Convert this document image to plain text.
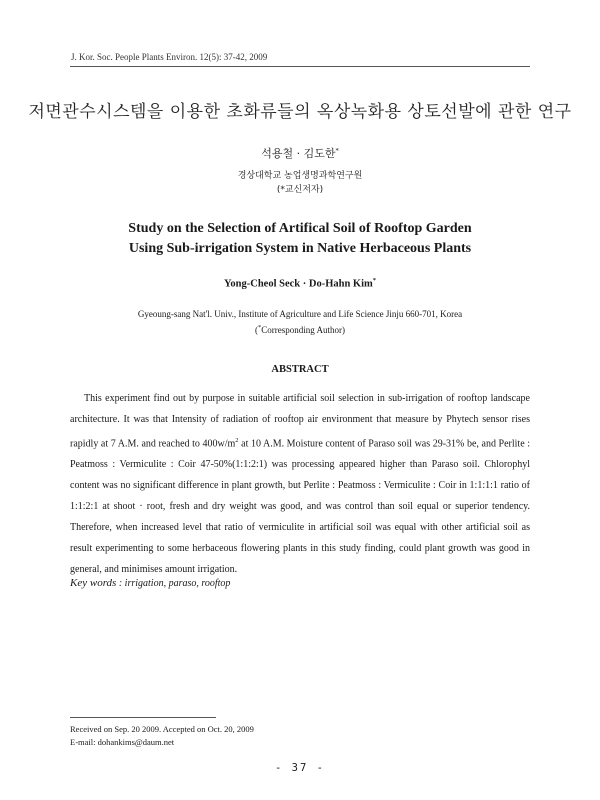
J. Kor. Soc. People Plants Environ. 12(5): 37-42, 2009
저면관수시스템을 이용한 초화류들의 옥상녹화용 상토선발에 관한 연구
석용철 · 김도한*
경상대학교 농업생명과학연구원
(*교신저자)
Study on the Selection of Artifical Soil of Rooftop Garden
Using Sub-irrigation System in Native Herbaceous Plants
Yong-Cheol Seck · Do-Hahn Kim*
Gyeoung-sang Nat'l. Univ., Institute of Agriculture and Life Science Jinju 660-701, Korea
(*Corresponding Author)
ABSTRACT

This experiment find out by purpose in suitable artificial soil selection in sub-irrigation of rooftop landscape architecture. It was that Intensity of radiation of rooftop air environment that measure by Phytech sensor rises rapidly at 7 A.M. and reached to $400w/m^2$ at 10 A.M. Moisture content of Paraso soil was 29-31% be, and Perlite : Peatmoss : Vermiculite : Coir 47-50%(1:1:2:1) was processing appeared higher than Paraso soil. Chlorophyl content was no significant difference in plant growth, but Perlite : Peatmoss : Vermiculite : Coir in 1:1:1:1 ratio of 1:1:2:1 at shoot · root, fresh and dry weight was good, and was control than soil equal or superior tendency. Therefore, when increased level that ratio of vermiculite in artificial soil was equal with other artificial soil as result experimenting to some herbaceous flowering plants in this study finding, could plant growth was good in general, and minimises amount irrigation.

Key words : irrigation, paraso, rooftop
Received on Sep. 20 2009. Accepted on Oct. 20, 2009
E-mail: dohankims@daum.net
- 37 -
